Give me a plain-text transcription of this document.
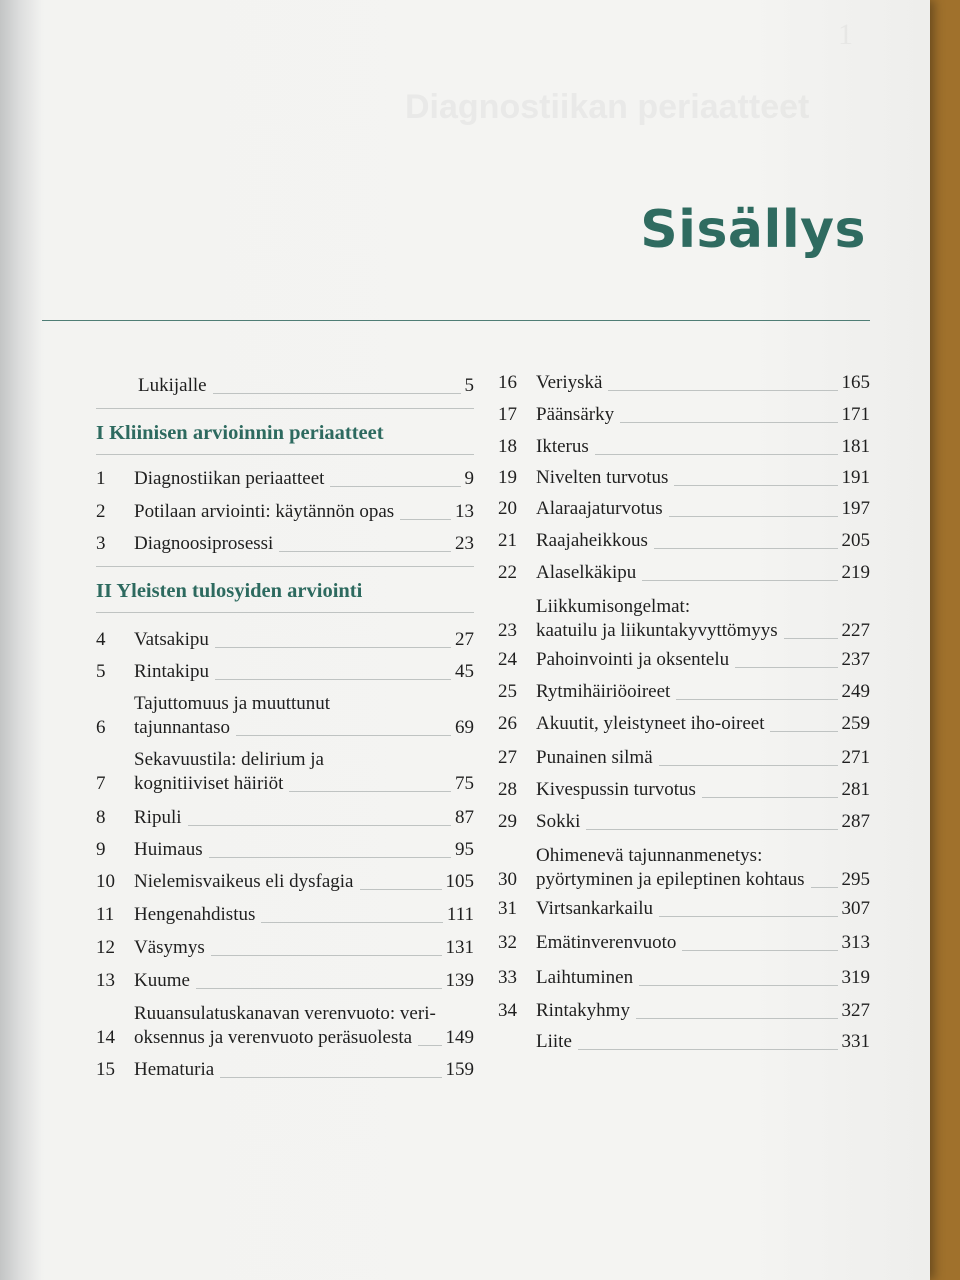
1
Diagnostiikan periaatteet
Sisällys
Lukijalle	5
I Kliinisen arvioinnin periaatteet
II Yleisten tulosyiden arviointi
1	Diagnostiikan periaatteet	9
2	Potilaan arviointi: käytännön opas	13
3	Diagnoosiprosessi	23
4	Vatsakipu	27
5	Rintakipu	45
6
Tajuttomuus ja muuttunut
tajunnantaso	69
7
Sekavuustila: delirium ja
kognitiiviset häiriöt	75
8	Ripuli	87
9	Huimaus	95
10	Nielemisvaikeus eli dysfagia	105
11	Hengenahdistus	111
12	Väsymys	131
13	Kuume	139
14
Ruuansulatuskanavan verenvuoto: veri-
oksennus ja verenvuoto peräsuolesta 149
15	Hematuria	159
16	Veriyskä	165
17	Päänsärky	171
18	Ikterus	181
19	Nivelten turvotus	191
20	Alaraajaturvotus	197
21	Raajaheikkous	205
22	Alaselkäkipu	219
23
Liikkumisongelmat:
kaatuilu ja liikuntakyvyttömyys	227
24	Pahoinvointi ja oksentelu	237
25	Rytmihäiriöoireet	249
26	Akuutit, yleistyneet iho-oireet	259
27	Punainen silmä	271
28	Kivespussin turvotus	281
29	Sokki	287
30
Ohimenevä tajunnanmenetys:
pyörtyminen ja epileptinen kohtaus 295
31	Virtsankarkailu	307
32	Emätinverenvuoto	313
33	Laihtuminen	319
34	Rintakyhmy	327
Liite	331
